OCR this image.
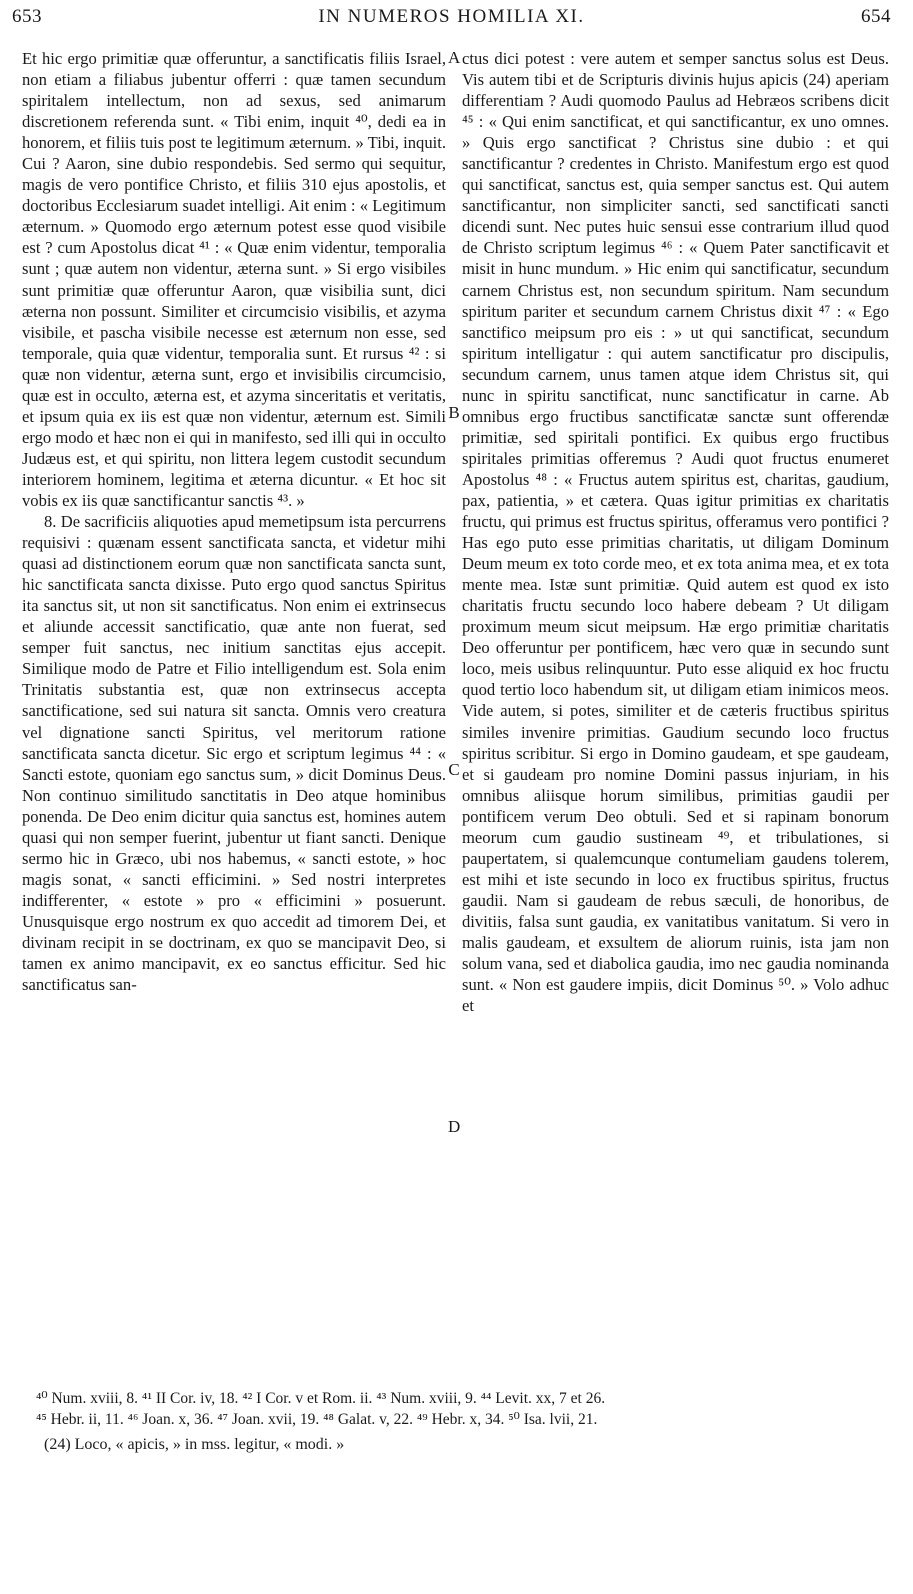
653	IN NUMEROS HOMILIA XI.	654

Et hic ergo primitiæ quæ offeruntur, a sanctificatis filiis Israel, non etiam a filiabus jubentur offerri : quæ tamen secundum spiritalem intellectum, non ad sexus, sed animarum discretionem referenda sunt. « Tibi enim, inquit ⁴⁰, dedi ea in honorem, et filiis tuis post te legitimum æternum. » Tibi, inquit. Cui ? Aaron, sine dubio respondebis. Sed sermo qui sequitur, magis de vero pontifice Christo, et filiis 310 ejus apostolis, et doctoribus Ecclesiarum suadet intelligi. Ait enim : « Legitimum æternum. » Quomodo ergo æternum potest esse quod visibile est ? cum Apostolus dicat ⁴¹ : « Quæ enim videntur, temporalia sunt ; quæ autem non videntur, æterna sunt. » Si ergo visibiles sunt primitiæ quæ offeruntur Aaron, quæ visibilia sunt, dici æterna non possunt. Similiter et circumcisio visibilis, et azyma visibile, et pascha visibile necesse est æternum non esse, sed temporale, quia quæ videntur, temporalia sunt. Et rursus ⁴² : si quæ non videntur, æterna sunt, ergo et invisibilis circumcisio, quæ est in occulto, æterna est, et azyma sinceritatis et veritatis, et ipsum quia ex iis est quæ non videntur, æternum est. Simili ergo modo et hæc non ei qui in manifesto, sed illi qui in occulto Judæus est, et qui spiritu, non littera legem custodit secundum interiorem hominem, legitima et æterna dicuntur. « Et hoc sit vobis ex iis quæ sanctificantur sanctis ⁴³. »

8. De sacrificiis aliquoties apud memetipsum ista percurrens requisivi : quænam essent sanctificata sancta, et videtur mihi quasi ad distinctionem eorum quæ non sanctificata sancta sunt, hic sanctificata sancta dixisse. Puto ergo quod sanctus Spiritus ita sanctus sit, ut non sit sanctificatus. Non enim ei extrinsecus et aliunde accessit sanctificatio, quæ ante non fuerat, sed semper fuit sanctus, nec initium sanctitas ejus accepit. Similique modo de Patre et Filio intelligendum est. Sola enim Trinitatis substantia est, quæ non extrinsecus accepta sanctificatione, sed sui natura sit sancta. Omnis vero creatura vel dignatione sancti Spiritus, vel meritorum ratione sanctificata sancta dicetur. Sic ergo et scriptum legimus ⁴⁴ : « Sancti estote, quoniam ego sanctus sum, » dicit Dominus Deus. Non continuo similitudo sanctitatis in Deo atque hominibus ponenda. De Deo enim dicitur quia sanctus est, homines autem quasi qui non semper fuerint, jubentur ut fiant sancti. Denique sermo hic in Græco, ubi nos habemus, « sancti estote, » hoc magis sonat, « sancti efficimini. » Sed nostri interpretes indifferenter, « estote » pro « efficimini » posuerunt. Unusquisque ergo nostrum ex quo accedit ad timorem Dei, et divinam recipit in se doctrinam, ex quo se mancipavit Deo, si tamen ex animo mancipavit, ex eo sanctus efficitur. Sed hic sanctificatus san-

ctus dici potest : vere autem et semper sanctus solus est Deus. Vis autem tibi et de Scripturis divinis hujus apicis (24) aperiam differentiam ? Audi quomodo Paulus ad Hebræos scribens dicit ⁴⁵ : « Qui enim sanctificat, et qui sanctificantur, ex uno omnes. » Quis ergo sanctificat ? Christus sine dubio : et qui sanctificantur ? credentes in Christo. Manifestum ergo est quod qui sanctificat, sanctus est, quia semper sanctus est. Qui autem sanctificantur, non simpliciter sancti, sed sanctificati sancti dicendi sunt. Nec putes huic sensui esse contrarium illud quod de Christo scriptum legimus ⁴⁶ : « Quem Pater sanctificavit et misit in hunc mundum. » Hic enim qui sanctificatur, secundum carnem Christus est, non secundum spiritum. Nam secundum spiritum pariter et secundum carnem Christus dixit ⁴⁷ : « Ego sanctifico meipsum pro eis : » ut qui sanctificat, secundum spiritum intelligatur : qui autem sanctificatur pro discipulis, secundum carnem, unus tamen atque idem Christus sit, qui nunc in spiritu sanctificat, nunc sanctificatur in carne. Ab omnibus ergo fructibus sanctificatæ sanctæ sunt offerendæ primitiæ, sed spiritali pontifici. Ex quibus ergo fructibus spiritales primitias offeremus ? Audi quot fructus enumeret Apostolus ⁴⁸ : « Fructus autem spiritus est, charitas, gaudium, pax, patientia, » et cætera. Quas igitur primitias ex charitatis fructu, qui primus est fructus spiritus, offeramus vero pontifici ? Has ego puto esse primitias charitatis, ut diligam Dominum Deum meum ex toto corde meo, et ex tota anima mea, et ex tota mente mea. Istæ sunt primitiæ. Quid autem est quod ex isto charitatis fructu secundo loco habere debeam ? Ut diligam proximum meum sicut meipsum. Hæ ergo primitiæ charitatis Deo offeruntur per pontificem, hæc vero quæ in secundo sunt loco, meis usibus relinquuntur. Puto esse aliquid ex hoc fructu quod tertio loco habendum sit, ut diligam etiam inimicos meos. Vide autem, si potes, similiter et de cæteris fructibus spiritus similes invenire primitias. Gaudium secundo loco fructus spiritus scribitur. Si ergo in Domino gaudeam, et spe gaudeam, et si gaudeam pro nomine Domini passus injuriam, in his omnibus aliisque horum similibus, primitias gaudii per pontificem verum Deo obtuli. Sed et si rapinam bonorum meorum cum gaudio sustineam ⁴⁹, et tribulationes, si paupertatem, si qualemcunque contumeliam gaudens tolerem, est mihi et iste secundo in loco ex fructibus spiritus, fructus gaudii. Nam si gaudeam de rebus sæculi, de honoribus, de divitiis, falsa sunt gaudia, ex vanitatibus vanitatum. Si vero in malis gaudeam, et exsultem de aliorum ruinis, ista jam non solum vana, sed et diabolica gaudia, imo nec gaudia nominanda sunt. « Non est gaudere impiis, dicit Dominus ⁵⁰. » Volo adhuc et

A
B
C
D
⁴⁰ Num. xviii, 8. ⁴¹ II Cor. iv, 18. ⁴² I Cor. v et Rom. ii. ⁴³ Num. xviii, 9. ⁴⁴ Levit. xx, 7 et 26.
⁴⁵ Hebr. ii, 11. ⁴⁶ Joan. x, 36. ⁴⁷ Joan. xvii, 19. ⁴⁸ Galat. v, 22. ⁴⁹ Hebr. x, 34. ⁵⁰ Isa. lvii, 21.
(24) Loco, « apicis, » in mss. legitur, « modi. »
